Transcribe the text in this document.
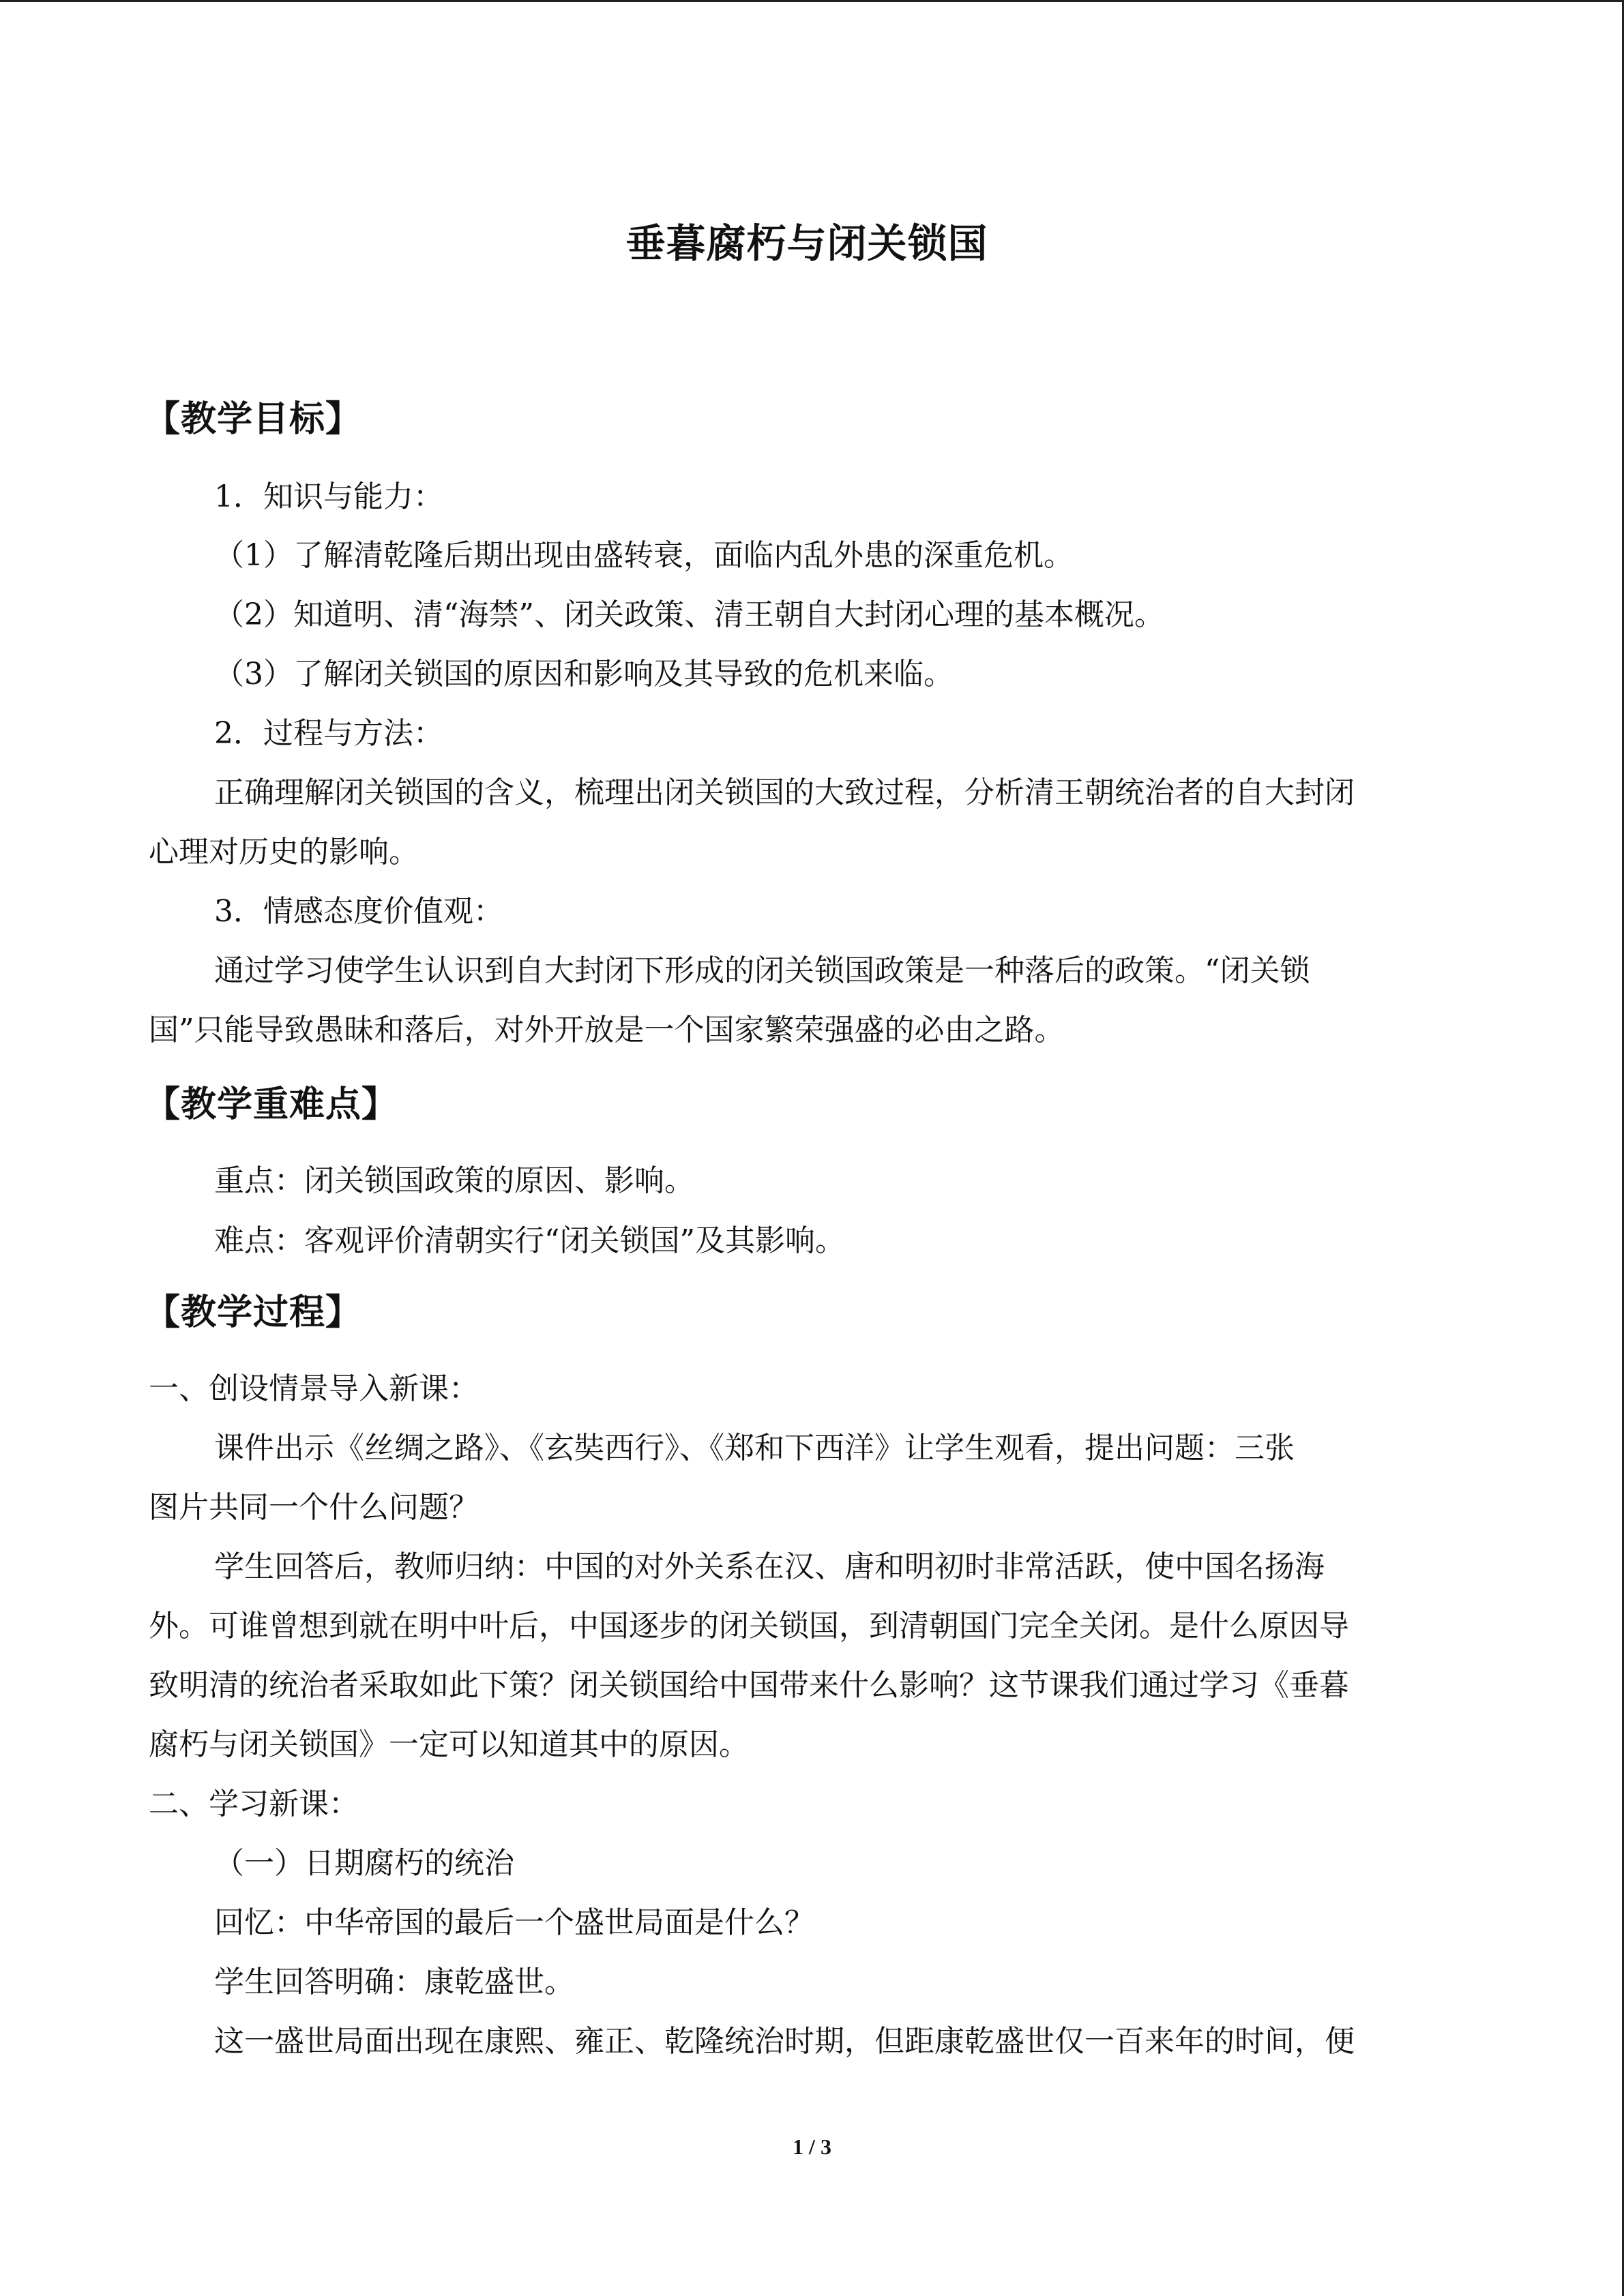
垂暮腐朽与闭关锁国
【教学目标】
1．知识与能力：
（1）了解清乾隆后期出现由盛转衰，面临内乱外患的深重危机。
（2）知道明、清“海禁”、闭关政策、清王朝自大封闭心理的基本概况。
（3）了解闭关锁国的原因和影响及其导致的危机来临。
2．过程与方法：
正确理解闭关锁国的含义，梳理出闭关锁国的大致过程，分析清王朝统治者的自大封闭
心理对历史的影响。
3．情感态度价值观：
通过学习使学生认识到自大封闭下形成的闭关锁国政策是一种落后的政策。“闭关锁
国”只能导致愚昧和落后，对外开放是一个国家繁荣强盛的必由之路。
【教学重难点】
重点：闭关锁国政策的原因、影响。
难点：客观评价清朝实行“闭关锁国”及其影响。
【教学过程】
一、创设情景导入新课：
课件出示《丝绸之路》、《玄奘西行》、《郑和下西洋》让学生观看，提出问题：三张
图片共同一个什么问题？
学生回答后，教师归纳：中国的对外关系在汉、唐和明初时非常活跃，使中国名扬海
外。可谁曾想到就在明中叶后，中国逐步的闭关锁国，到清朝国门完全关闭。是什么原因导
致明清的统治者采取如此下策？闭关锁国给中国带来什么影响？这节课我们通过学习《垂暮
腐朽与闭关锁国》一定可以知道其中的原因。
二、学习新课：
（一）日期腐朽的统治
回忆：中华帝国的最后一个盛世局面是什么？
学生回答明确：康乾盛世。
这一盛世局面出现在康熙、雍正、乾隆统治时期，但距康乾盛世仅一百来年的时间，便
1 / 3
